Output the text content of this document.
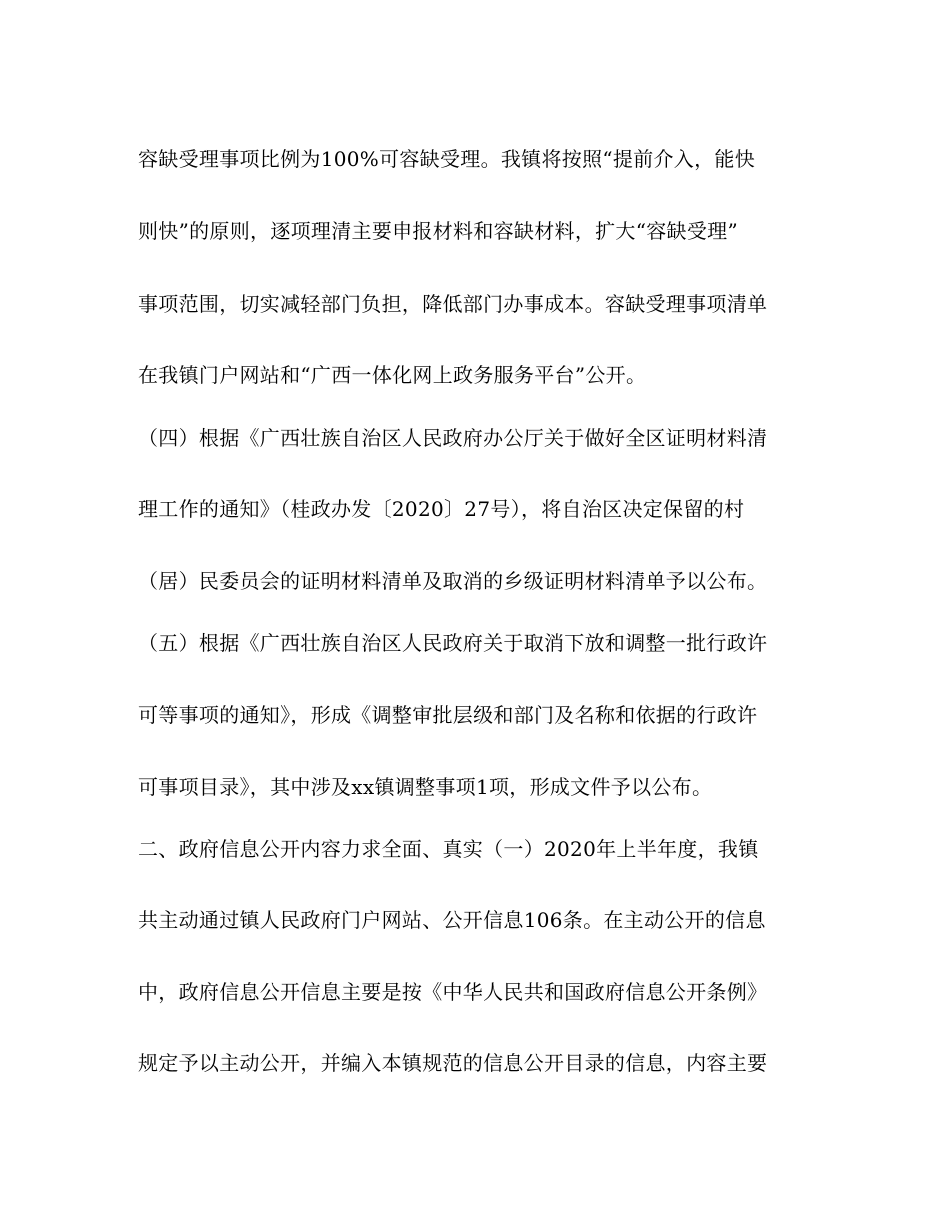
容缺受理事项比例为100%可容缺受理。我镇将按照“提前介入，能快

则快”的原则，逐项理清主要申报材料和容缺材料，扩大“容缺受理”

事项范围，切实减轻部门负担，降低部门办事成本。容缺受理事项清单

在我镇门户网站和“广西一体化网上政务服务平台”公开。

（四）根据《广西壮族自治区人民政府办公厅关于做好全区证明材料清

理工作的通知》（桂政办发〔2020〕27号），将自治区决定保留的村

（居）民委员会的证明材料清单及取消的乡级证明材料清单予以公布。

（五）根据《广西壮族自治区人民政府关于取消下放和调整一批行政许

可等事项的通知》，形成《调整审批层级和部门及名称和依据的行政许

可事项目录》，其中涉及xx镇调整事项1项，形成文件予以公布。

二、政府信息公开内容力求全面、真实（一）2020年上半年度，我镇

共主动通过镇人民政府门户网站、公开信息106条。在主动公开的信息

中，政府信息公开信息主要是按《中华人民共和国政府信息公开条例》

规定予以主动公开，并编入本镇规范的信息公开目录的信息，内容主要
